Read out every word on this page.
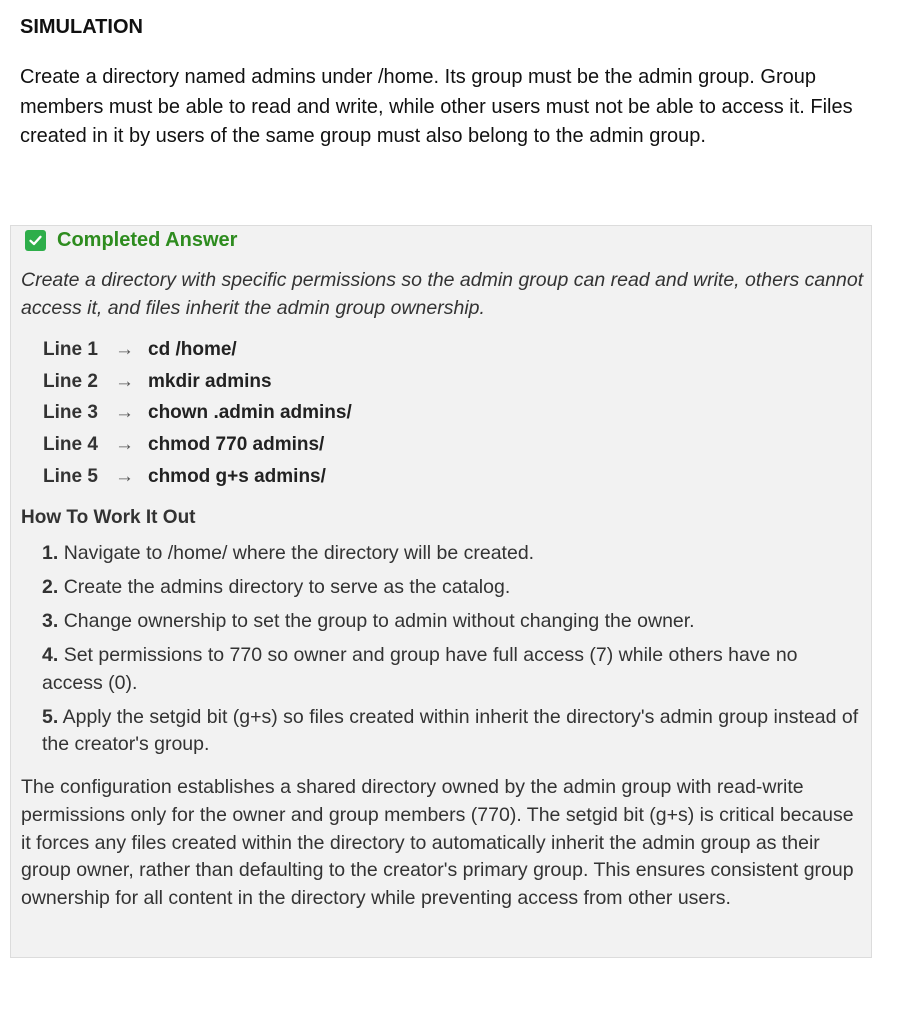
SIMULATION
Create a directory named admins under /home. Its group must be the admin group. Group members must be able to read and write, while other users must not be able to access it. Files created in it by users of the same group must also belong to the admin group.
Completed Answer
Create a directory with specific permissions so the admin group can read and write, others cannot access it, and files inherit the admin group ownership.
Line 1 → cd /home/
Line 2 → mkdir admins
Line 3 → chown .admin admins/
Line 4 → chmod 770 admins/
Line 5 → chmod g+s admins/
How To Work It Out
1. Navigate to /home/ where the directory will be created.
2. Create the admins directory to serve as the catalog.
3. Change ownership to set the group to admin without changing the owner.
4. Set permissions to 770 so owner and group have full access (7) while others have no access (0).
5. Apply the setgid bit (g+s) so files created within inherit the directory's admin group instead of the creator's group.
The configuration establishes a shared directory owned by the admin group with read-write permissions only for the owner and group members (770). The setgid bit (g+s) is critical because it forces any files created within the directory to automatically inherit the admin group as their group owner, rather than defaulting to the creator's primary group. This ensures consistent group ownership for all content in the directory while preventing access from other users.
